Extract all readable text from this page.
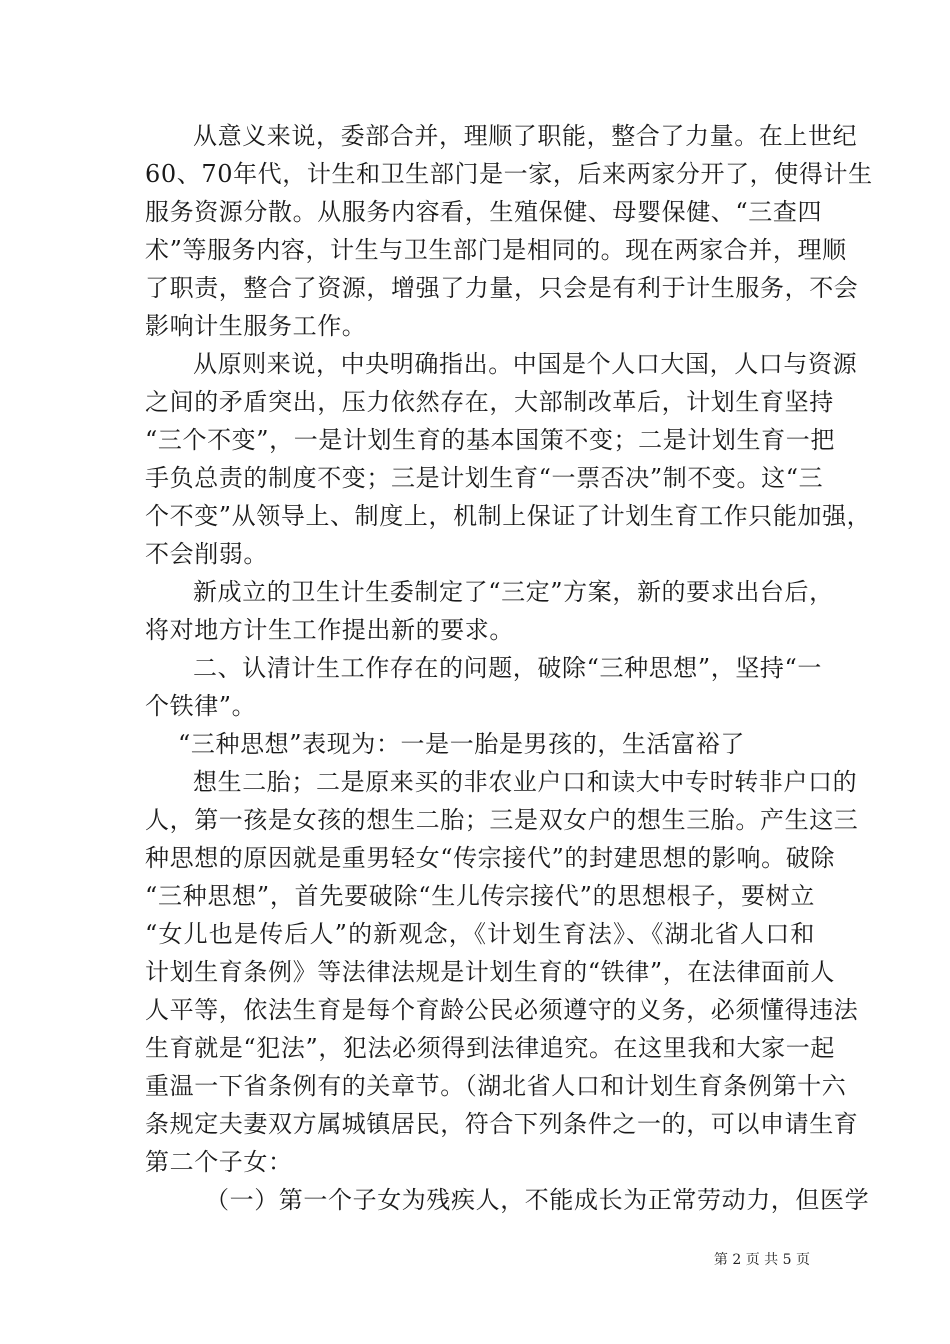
从意义来说，委部合并，理顺了职能，整合了力量。在上世纪
60、70年代，计生和卫生部门是一家，后来两家分开了，使得计生
服务资源分散。从服务内容看，生殖保健、母婴保健、“三查四
术”等服务内容，计生与卫生部门是相同的。现在两家合并，理顺
了职责，整合了资源，增强了力量，只会是有利于计生服务，不会
影响计生服务工作。
从原则来说，中央明确指出。中国是个人口大国，人口与资源
之间的矛盾突出，压力依然存在，大部制改革后，计划生育坚持
“三个不变”，一是计划生育的基本国策不变；二是计划生育一把
手负总责的制度不变；三是计划生育“一票否决”制不变。这“三
个不变”从领导上、制度上，机制上保证了计划生育工作只能加强，
不会削弱。
新成立的卫生计生委制定了“三定”方案，新的要求出台后，
将对地方计生工作提出新的要求。
二、认清计生工作存在的问题，破除“三种思想”，坚持“一
个铁律”。
“三种思想”表现为：一是一胎是男孩的，生活富裕了
想生二胎；二是原来买的非农业户口和读大中专时转非户口的
人，第一孩是女孩的想生二胎；三是双女户的想生三胎。产生这三
种思想的原因就是重男轻女“传宗接代”的封建思想的影响。破除
“三种思想”，首先要破除“生儿传宗接代”的思想根子，要树立
“女儿也是传后人”的新观念，《计划生育法》、《湖北省人口和
计划生育条例》等法律法规是计划生育的“铁律”，在法律面前人
人平等，依法生育是每个育龄公民必须遵守的义务，必须懂得违法
生育就是“犯法”，犯法必须得到法律追究。在这里我和大家一起
重温一下省条例有的关章节。（湖北省人口和计划生育条例第十六
条规定夫妻双方属城镇居民，符合下列条件之一的，可以申请生育
第二个子女：
（一）第一个子女为残疾人，不能成长为正常劳动力，但医学
第 2 页 共 5 页
